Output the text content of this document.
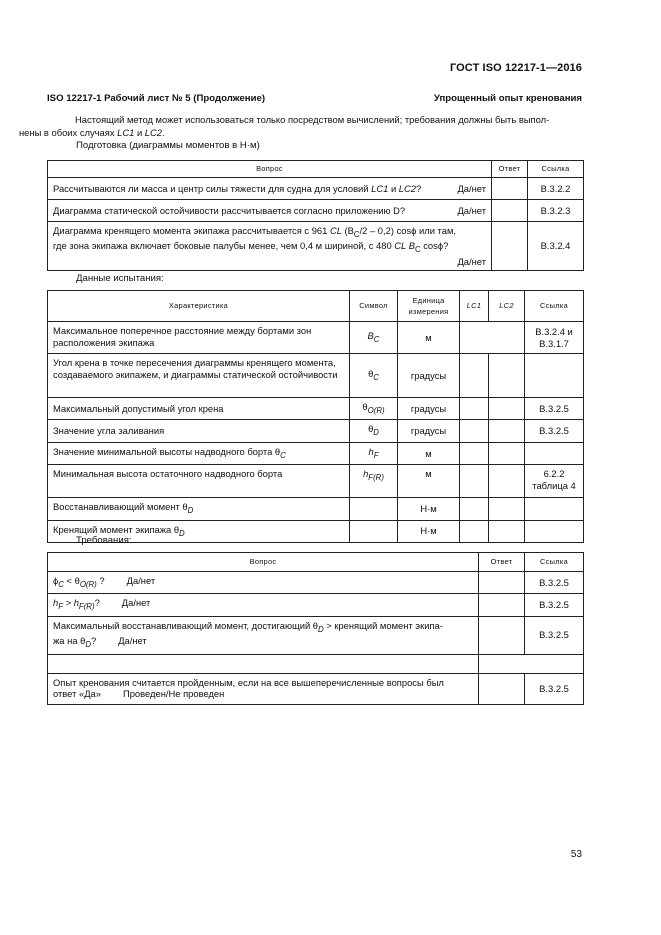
ГОСТ ISO 12217-1—2016
ISO 12217-1 Рабочий лист № 5 (Продолжение)	Упрощенный опыт кренования
Настоящий метод может использоваться только посредством вычислений; требования должны быть выпол-
нены в обоих случаях LC1 и LC2.
Подготовка (диаграммы моментов в Н·м)
Вопрос	Ответ	Ссылка

Рассчитываются ли масса и центр силы тяжести для судна для условий LC1 и LC2? Да/нет		В.3.2.2

Диаграмма статической остойчивости рассчитывается согласно приложению D? Да/нет		В.3.2.3

Диаграмма кренящего момента экипажа рассчитывается с 961 CL $(B_C/2 - 0,2)$ cosϕ или там,
где зона экипажа включает боковые палубы менее, чем 0,4 м шириной, с 480 CL $B_C$ cosϕ?
Да/нет		В.3.2.4
Данные испытания:
Характеристика	Символ	Единица измерения	LC1	LC2	Ссылка
Максимальное поперечное расстояние между бортами зон расположения экипажа	$B_C$	м			В.3.2.4 и В.3.1.7
Угол крена в точке пересечения диаграммы кренящего момента, создаваемого экипажем, и диаграммы статической остойчивости	$\theta_C$	градусы			
Максимальный допустимый угол крена	$\theta_{O(R)}$	градусы			В.3.2.5
Значение угла заливания	$\theta_D$	градусы			В.3.2.5
Значение минимальной высоты надводного борта $\theta_C$	$h_F$	м			
Минимальная высота остаточного надводного борта	$h_{F(R)}$	м			6.2.2 таблица 4
Восстанавливающий момент $\theta_D$		Н·м			
Кренящий момент экипажа $\theta_D$		Н·м			
Требования:
Вопрос	Ответ	Ссылка
$\phi_C < \theta_{O(R)}$ ? Да/нет		В.3.2.5
$h_F > h_{F(R)}$? Да/нет		В.3.2.5

Максимальный восстанавливающий момент, достигающий $\theta_D$ > кренящий момент экипа-
жа на $\theta_D$? Да/нет		В.3.2.5

Опыт кренования считается пройденным, если на все вышеперечисленные вопросы был
ответ «Да» Проведен/Не проведен		В.3.2.5
53
